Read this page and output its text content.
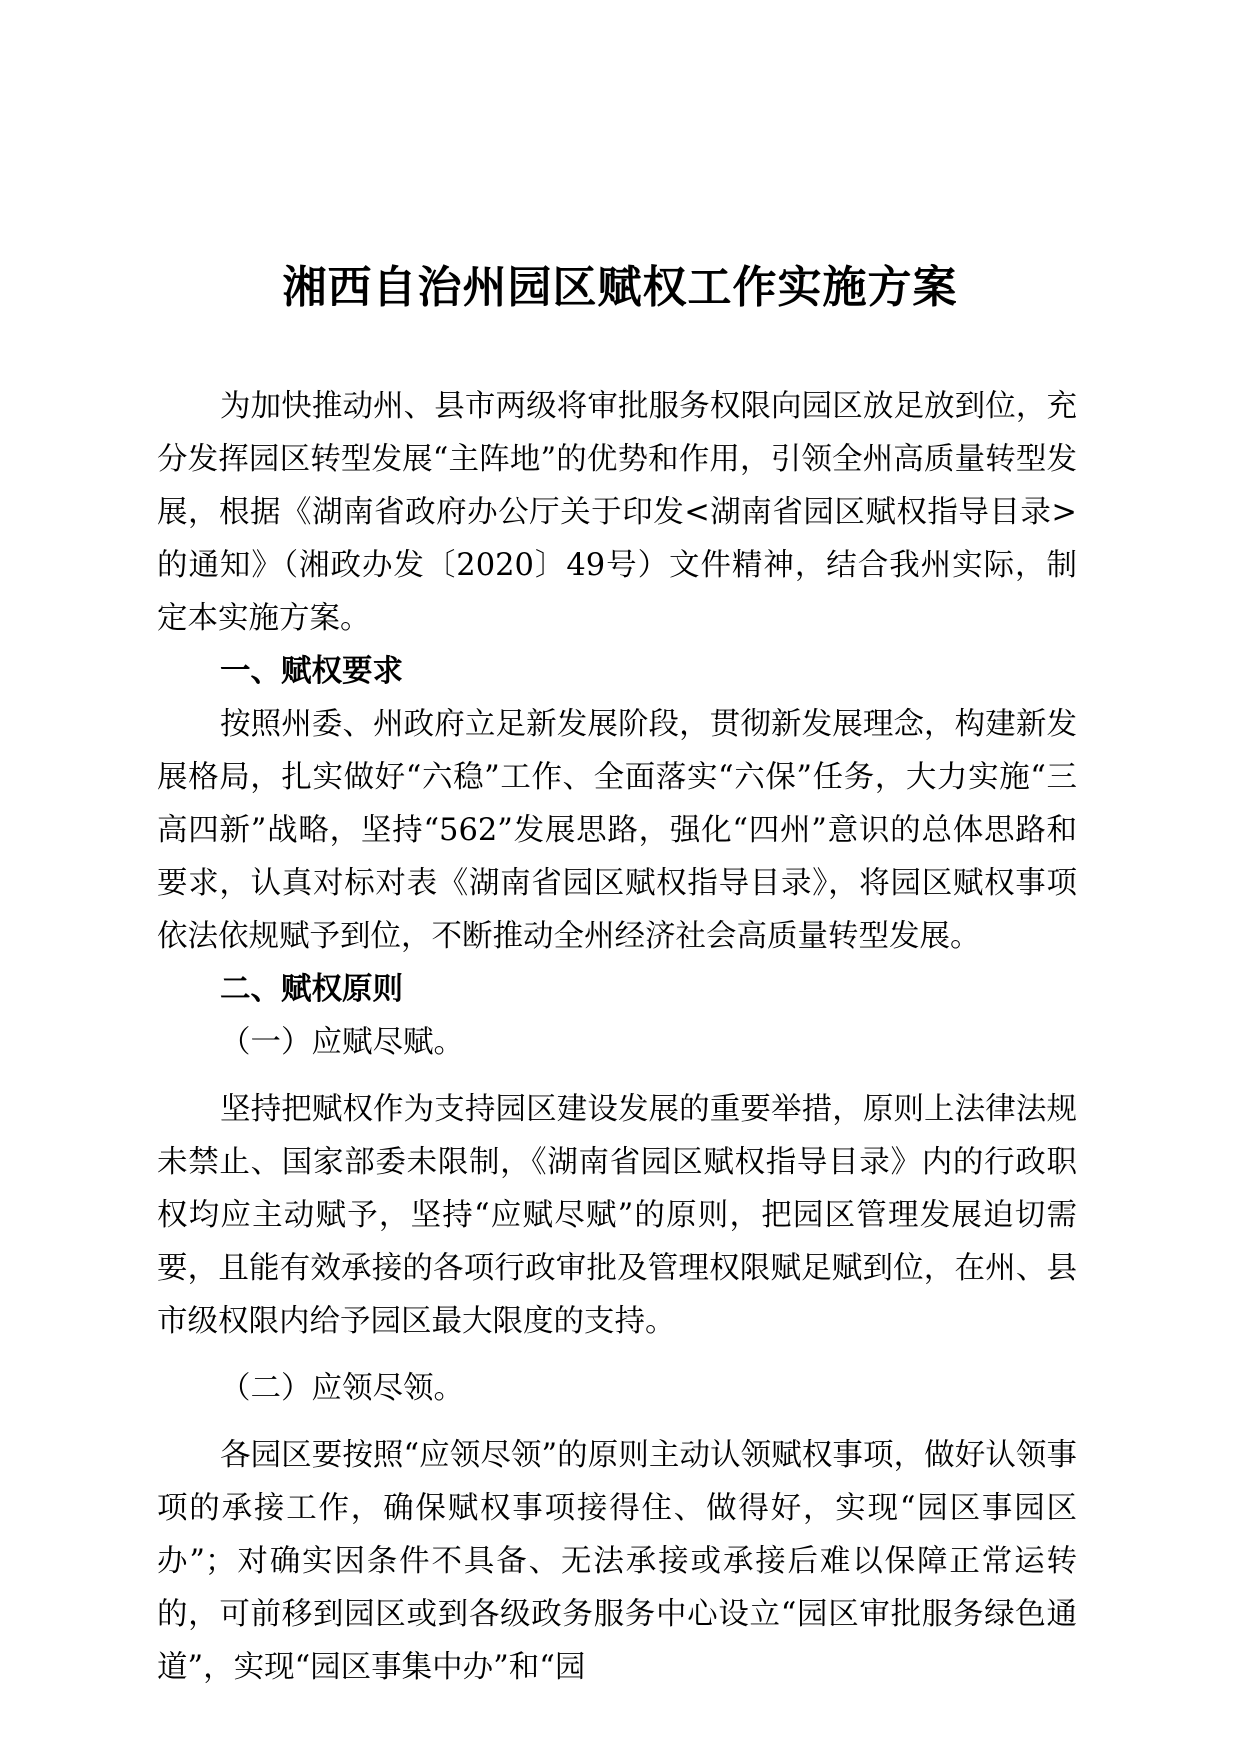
湘西自治州园区赋权工作实施方案

为加快推动州、县市两级将审批服务权限向园区放足放到位，充分发挥园区转型发展“主阵地”的优势和作用，引领全州高质量转型发展，根据《湖南省政府办公厅关于印发<湖南省园区赋权指导目录>的通知》（湘政办发〔2020〕49号）文件精神，结合我州实际，制定本实施方案。

一、赋权要求

按照州委、州政府立足新发展阶段，贯彻新发展理念，构建新发展格局，扎实做好“六稳”工作、全面落实“六保”任务，大力实施“三高四新”战略，坚持“562”发展思路，强化“四州”意识的总体思路和要求，认真对标对表《湖南省园区赋权指导目录》，将园区赋权事项依法依规赋予到位，不断推动全州经济社会高质量转型发展。

二、赋权原则

（一）应赋尽赋。

坚持把赋权作为支持园区建设发展的重要举措，原则上法律法规未禁止、国家部委未限制，《湖南省园区赋权指导目录》内的行政职权均应主动赋予，坚持“应赋尽赋”的原则，把园区管理发展迫切需要，且能有效承接的各项行政审批及管理权限赋足赋到位，在州、县市级权限内给予园区最大限度的支持。

（二）应领尽领。

各园区要按照“应领尽领”的原则主动认领赋权事项，做好认领事项的承接工作，确保赋权事项接得住、做得好，实现“园区事园区办”；对确实因条件不具备、无法承接或承接后难以保障正常运转的，可前移到园区或到各级政务服务中心设立“园区审批服务绿色通道”，实现“园区事集中办”和“园
